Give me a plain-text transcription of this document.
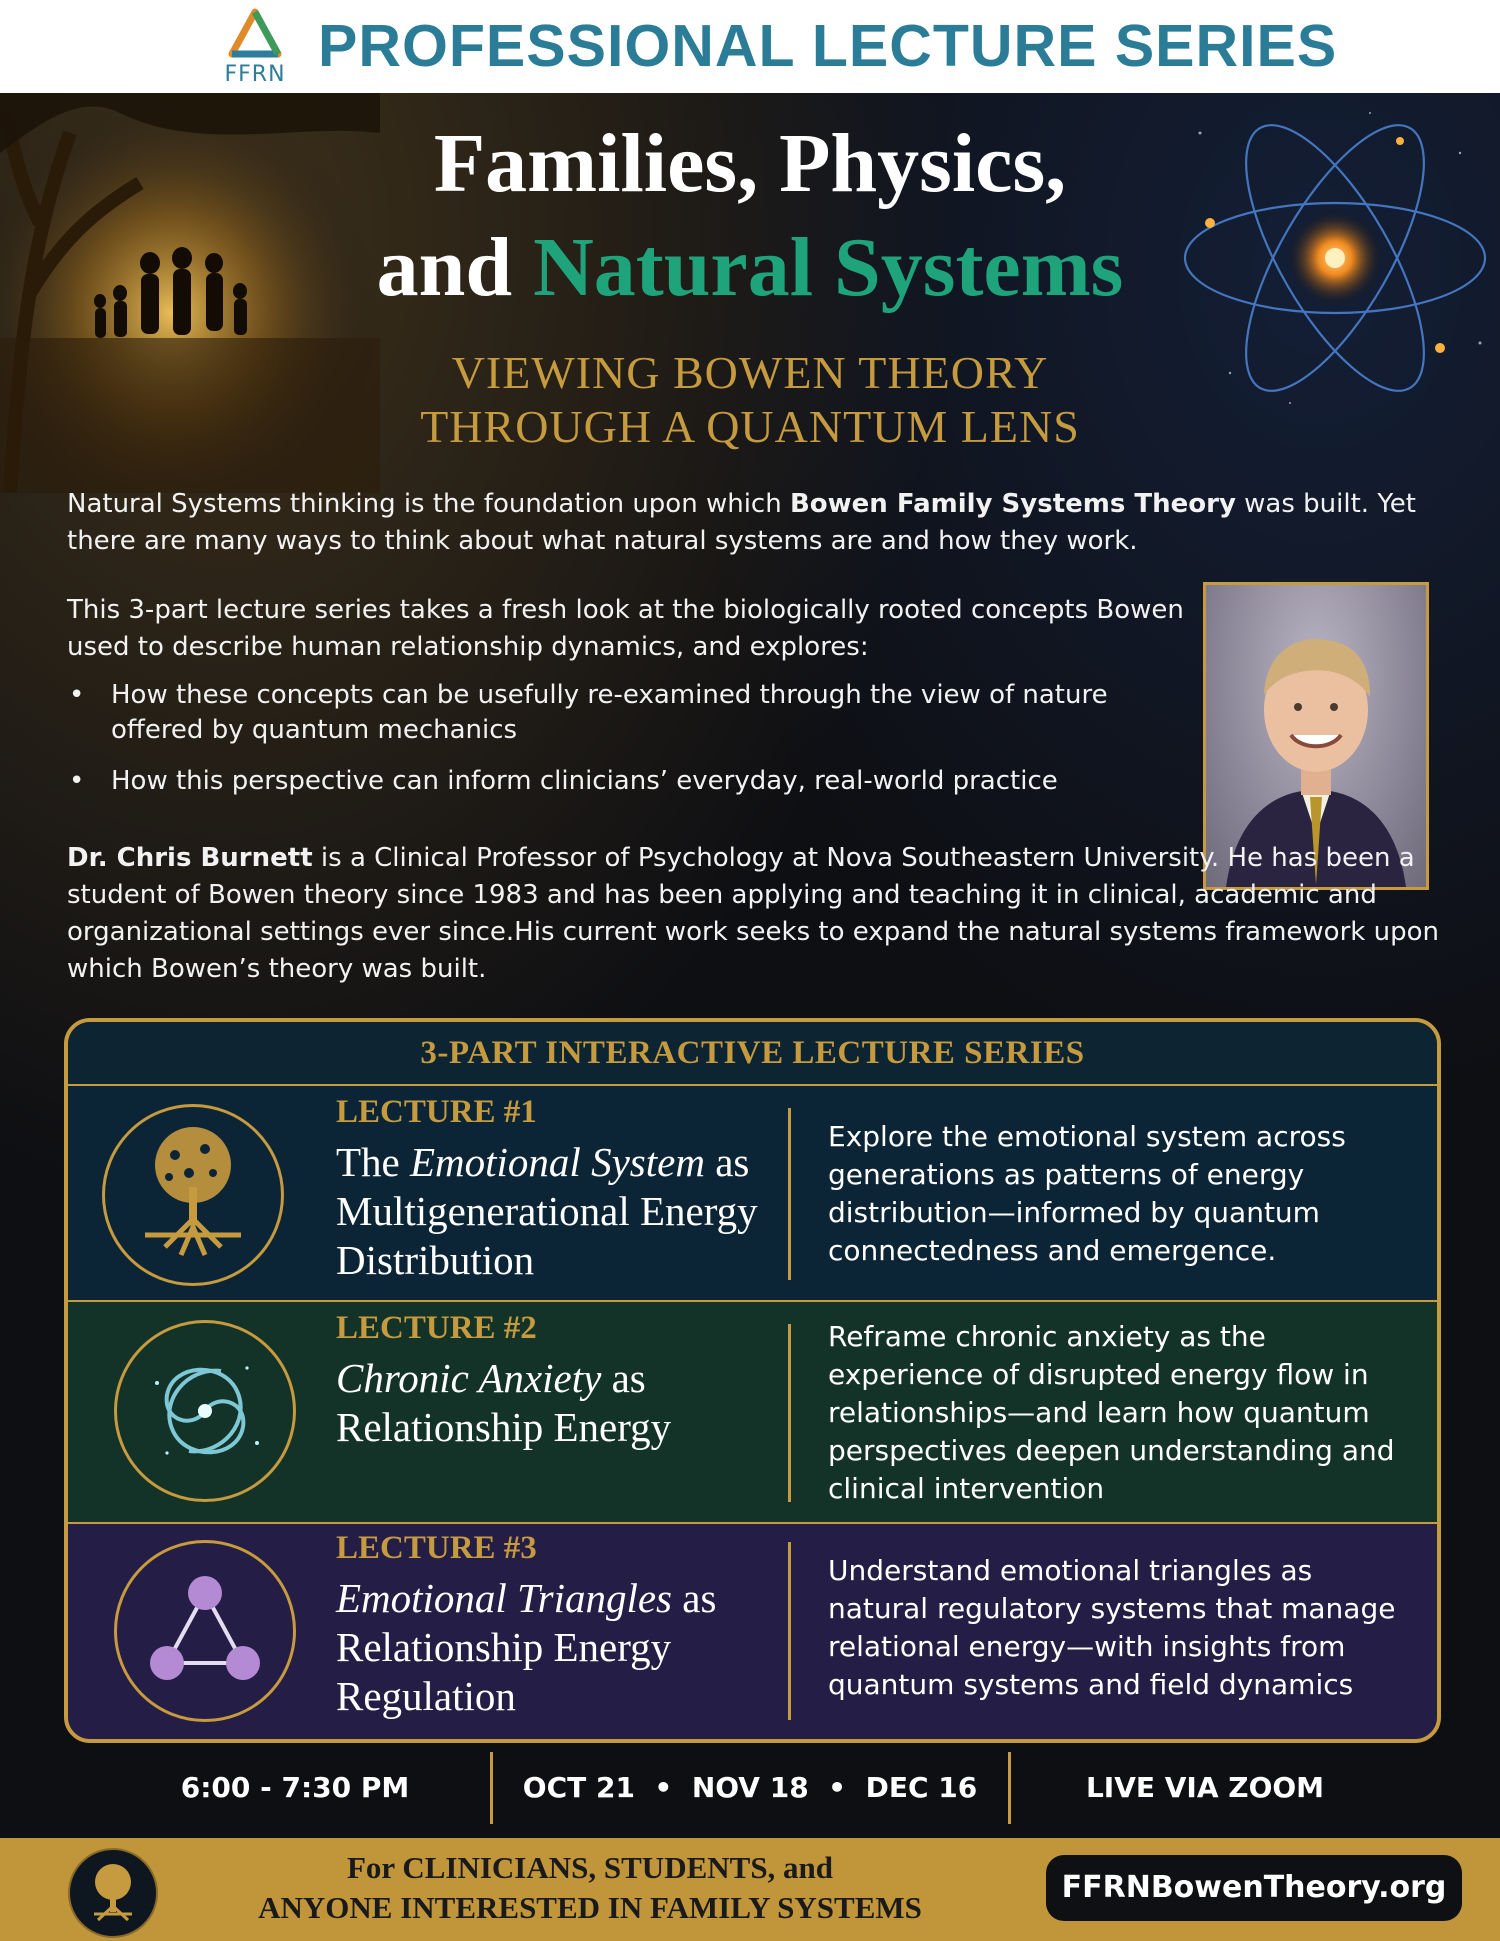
FFRN PROFESSIONAL LECTURE SERIES
Families, Physics,
and Natural Systems
VIEWING BOWEN THEORY
THROUGH A QUANTUM LENS
Natural Systems thinking is the foundation upon which Bowen Family Systems Theory was built. Yet there are many ways to think about what natural systems are and how they work.
This 3-part lecture series takes a fresh look at the biologically rooted concepts Bowen used to describe human relationship dynamics, and explores:
• How these concepts can be usefully re-examined through the view of nature offered by quantum mechanics
• How this perspective can inform clinicians’ everyday, real-world practice
Dr. Chris Burnett is a Clinical Professor of Psychology at Nova Southeastern University. He has been a student of Bowen theory since 1983 and has been applying and teaching it in clinical, academic and organizational settings ever since.His current work seeks to expand the natural systems framework upon which Bowen’s theory was built.
3-PART INTERACTIVE LECTURE SERIES
LECTURE #1
The Emotional System as Multigenerational Energy Distribution
Explore the emotional system across generations as patterns of energy distribution—informed by quantum connectedness and emergence.
LECTURE #2
Chronic Anxiety as Relationship Energy
Reframe chronic anxiety as the experience of disrupted energy flow in relationships—and learn how quantum perspectives deepen understanding and clinical intervention
LECTURE #3
Emotional Triangles as Relationship Energy Regulation
Understand emotional triangles as natural regulatory systems that manage relational energy—with insights from quantum systems and field dynamics
6:00 - 7:30 PM	OCT 21  •  NOV 18  •  DEC 16	LIVE VIA ZOOM
For CLINICIANS, STUDENTS, and
ANYONE INTERESTED IN FAMILY SYSTEMS
FFRNBowenTheory.org
